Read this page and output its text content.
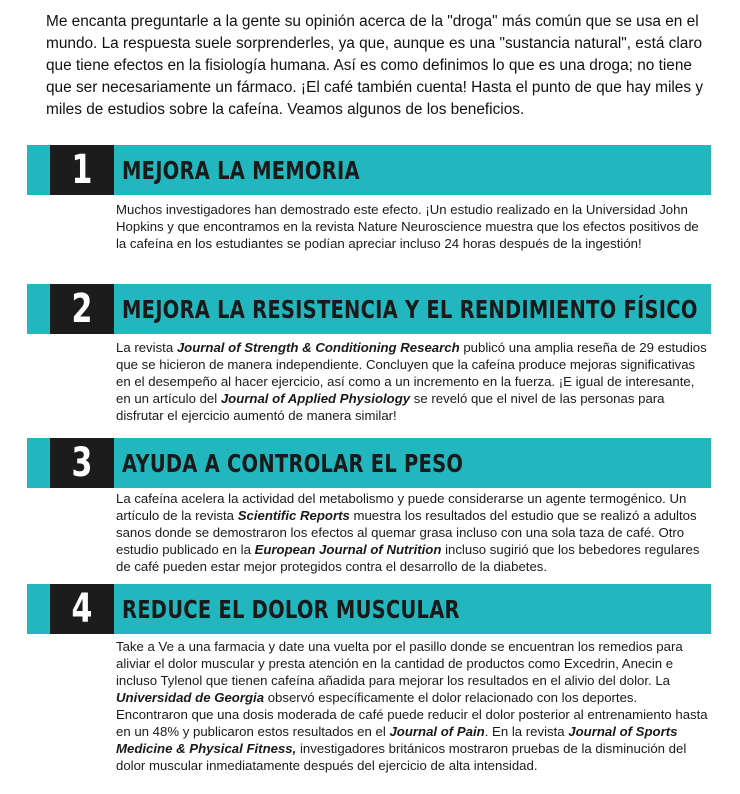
Me encanta preguntarle a la gente su opinión acerca de la "droga" más común que se usa en el mundo. La respuesta suele sorprenderles, ya que, aunque es una "sustancia natural", está claro que tiene efectos en la fisiología humana. Así es como definimos lo que es una droga; no tiene que ser necesariamente un fármaco. ¡El café también cuenta! Hasta el punto de que hay miles y miles de estudios sobre la cafeína. Veamos algunos de los beneficios.

1	MEJORA LA MEMORIA

Muchos investigadores han demostrado este efecto. ¡Un estudio realizado en la Universidad John Hopkins y que encontramos en la revista Nature Neuroscience muestra que los efectos positivos de la cafeína en los estudiantes se podían apreciar incluso 24 horas después de la ingestión!

2	MEJORA LA RESISTENCIA Y EL RENDIMIENTO FÍSICO

La revista Journal of Strength & Conditioning Research publicó una amplia reseña de 29 estudios que se hicieron de manera independiente. Concluyen que la cafeína produce mejoras significativas en el desempeño al hacer ejercicio, así como a un incremento en la fuerza. ¡E igual de interesante, en un artículo del Journal of Applied Physiology se reveló que el nivel de las personas para disfrutar el ejercicio aumentó de manera similar!

3	AYUDA A CONTROLAR EL PESO

La cafeína acelera la actividad del metabolismo y puede considerarse un agente termogénico. Un artículo de la revista Scientific Reports muestra los resultados del estudio que se realizó a adultos sanos donde se demostraron los efectos al quemar grasa incluso con una sola taza de café. Otro estudio publicado en la European Journal of Nutrition incluso sugirió que los bebedores regulares de café pueden estar mejor protegidos contra el desarrollo de la diabetes.

4	REDUCE EL DOLOR MUSCULAR

Take a Ve a una farmacia y date una vuelta por el pasillo donde se encuentran los remedios para aliviar el dolor muscular y presta atención en la cantidad de productos como Excedrin, Anecin e incluso Tylenol que tienen cafeína añadida para mejorar los resultados en el alivio del dolor. La Universidad de Georgia observó específicamente el dolor relacionado con los deportes. Encontraron que una dosis moderada de café puede reducir el dolor posterior al entrenamiento hasta en un 48% y publicaron estos resultados en el Journal of Pain. En la revista Journal of Sports Medicine & Physical Fitness, investigadores británicos mostraron pruebas de la disminución del dolor muscular inmediatamente después del ejercicio de alta intensidad.
